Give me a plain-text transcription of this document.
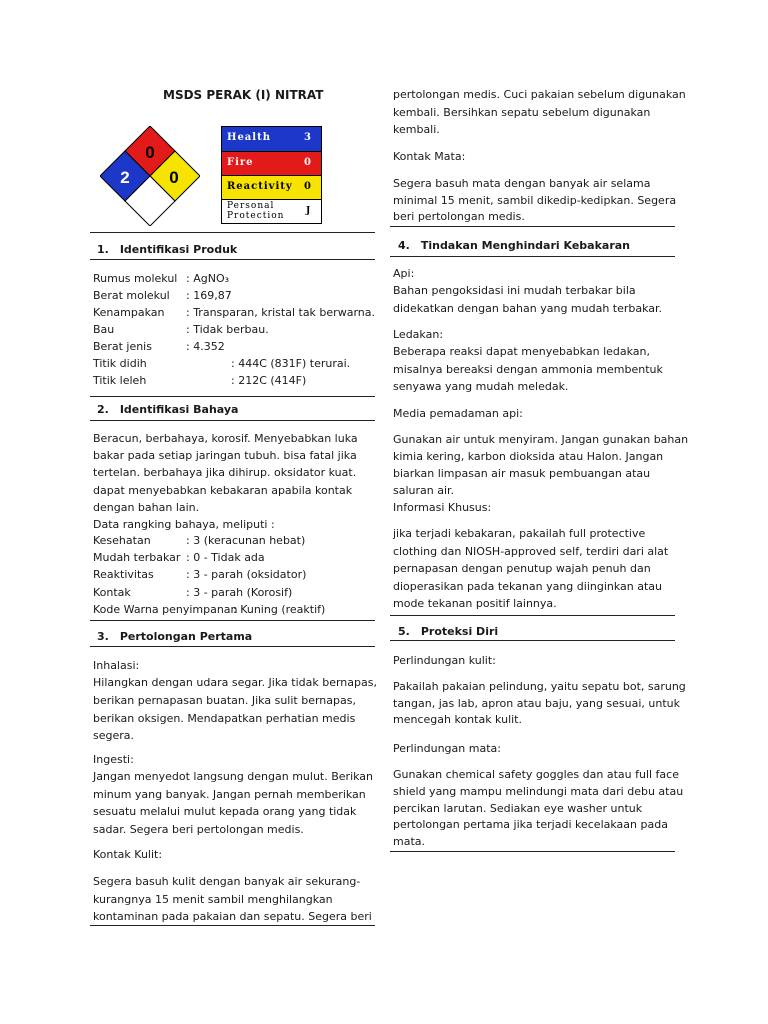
MSDS PERAK (I) NITRAT
0
2 0
Health	3
Fire	0
Reactivity 0
Personal
Protection J
1. Identifikasi Produk
Rumus molekul : AgNO₃
Berat molekul : 169,87
Kenampakan : Transparan, kristal tak berwarna.
Bau	: Tidak berbau.
Berat jenis	: 4.352
Titik didih	: 444C (831F) terurai.
Titik leleh	: 212C (414F)
2. Identifikasi Bahaya
Beracun, berbahaya, korosif. Menyebabkan luka
bakar pada setiap jaringan tubuh. bisa fatal jika
tertelan. berbahaya jika dihirup. oksidator kuat.
dapat menyebabkan kebakaran apabila kontak
dengan bahan lain.
Data rangking bahaya, meliputi :
Kesehatan	: 3 (keracunan hebat)
Mudah terbakar : 0 - Tidak ada
Reaktivitas	: 3 - parah (oksidator)
Kontak	: 3 - parah (Korosif)
Kode Warna penyimpanan
: Kuning (reaktif)
3. Pertolongan Pertama
Inhalasi:
Hilangkan dengan udara segar. Jika tidak bernapas,
berikan pernapasan buatan. Jika sulit bernapas,
berikan oksigen. Mendapatkan perhatian medis
segera.
Ingesti:
Jangan menyedot langsung dengan mulut. Berikan
minum yang banyak. Jangan pernah memberikan
sesuatu melalui mulut kepada orang yang tidak
sadar. Segera beri pertolongan medis.
Kontak Kulit:
Segera basuh kulit dengan banyak air sekurang-
kurangnya 15 menit sambil menghilangkan
kontaminan pada pakaian dan sepatu. Segera beri
pertolongan medis. Cuci pakaian sebelum digunakan
kembali. Bersihkan sepatu sebelum digunakan
kembali.
Kontak Mata:
Segera basuh mata dengan banyak air selama
minimal 15 menit, sambil dikedip-kedipkan. Segera
beri pertolongan medis.
4. Tindakan Menghindari Kebakaran
Api:
Bahan pengoksidasi ini mudah terbakar bila
didekatkan dengan bahan yang mudah terbakar.
Ledakan:
Beberapa reaksi dapat menyebabkan ledakan,
misalnya bereaksi dengan ammonia membentuk
senyawa yang mudah meledak.
Media pemadaman api:
Gunakan air untuk menyiram. Jangan gunakan bahan
kimia kering, karbon dioksida atau Halon. Jangan
biarkan limpasan air masuk pembuangan atau
saluran air.
Informasi Khusus:
jika terjadi kebakaran, pakailah full protective
clothing dan NIOSH-approved self, terdiri dari alat
pernapasan dengan penutup wajah penuh dan
dioperasikan pada tekanan yang diinginkan atau
mode tekanan positif lainnya.
5. Proteksi Diri
Perlindungan kulit:
Pakailah pakaian pelindung, yaitu sepatu bot, sarung
tangan, jas lab, apron atau baju, yang sesuai, untuk
mencegah kontak kulit.
Perlindungan mata:
Gunakan chemical safety goggles dan atau full face
shield yang mampu melindungi mata dari debu atau
percikan larutan. Sediakan eye washer untuk
pertolongan pertama jika terjadi kecelakaan pada
mata.
